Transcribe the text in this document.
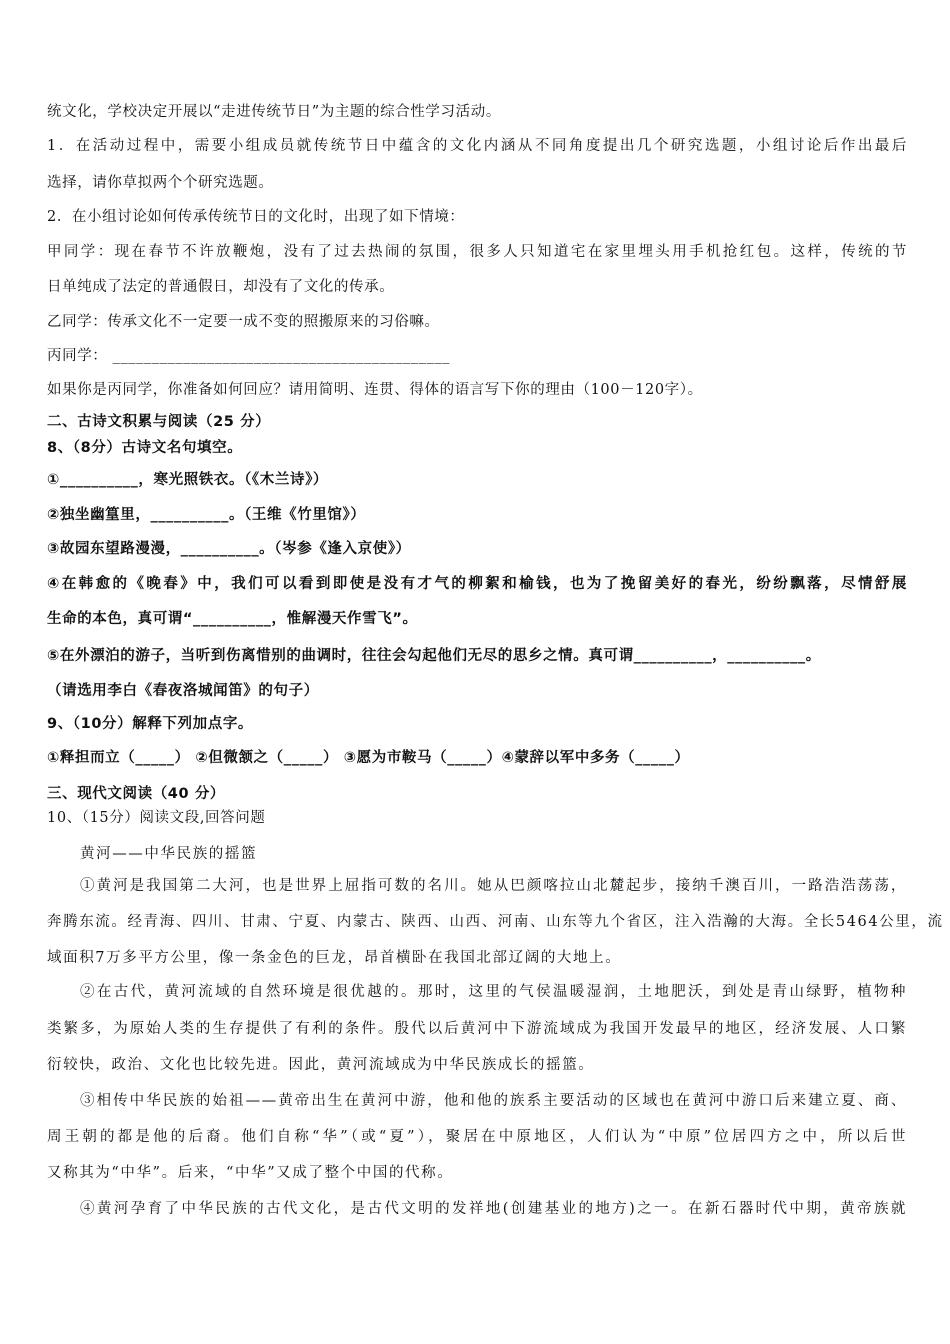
统文化，学校决定开展以“走进传统节日”为主题的综合性学习活动。
1．在活动过程中，需要小组成员就传统节日中蕴含的文化内涵从不同角度提出几个研究选题，小组讨论后作出最后
选择，请你草拟两个个研究选题。
2．在小组讨论如何传承传统节日的文化时，出现了如下情境：
甲同学：现在春节不许放鞭炮，没有了过去热闹的氛围，很多人只知道宅在家里埋头用手机抢红包。这样，传统的节
日单纯成了法定的普通假日，却没有了文化的传承。
乙同学：传承文化不一定要一成不变的照搬原来的习俗嘛。
丙同学： ___________________________________________
如果你是丙同学，你准备如何回应？请用简明、连贯、得体的语言写下你的理由（100－120字）。
二、古诗文积累与阅读（25 分）
8、（8分）古诗文名句填空。
①__________，寒光照铁衣。（《木兰诗》）
②独坐幽篁里，__________。（王维《竹里馆》）
③故园东望路漫漫，__________。（岑参《逢入京使》）
④在韩愈的《晚春》中，我们可以看到即使是没有才气的柳絮和榆钱，也为了挽留美好的春光，纷纷飘落，尽情舒展
生命的本色，真可谓“__________，惟解漫天作雪飞”。
⑤在外漂泊的游子，当听到伤离惜别的曲调时，往往会勾起他们无尽的思乡之情。真可谓__________，__________。
（请选用李白《春夜洛城闻笛》的句子）
9、（10分）解释下列加点字。
①释担而立（_____） ②但微颔之（_____） ③愿为市鞍马（_____）④蒙辞以军中多务（_____）
三、现代文阅读（40 分）
10、（15分）阅读文段,回答问题
黄河——中华民族的摇篮
①黄河是我国第二大河，也是世界上屈指可数的名川。她从巴颜喀拉山北麓起步，接纳千澳百川，一路浩浩荡荡，
奔腾东流。经青海、四川、甘肃、宁夏、内蒙古、陕西、山西、河南、山东等九个省区，注入浩瀚的大海。全长5464公里，流
域面积7万多平方公里，像一条金色的巨龙，昂首横卧在我国北部辽阔的大地上。
②在古代，黄河流域的自然环境是很优越的。那时，这里的气侯温暖湿润，土地肥沃，到处是青山绿野，植物种
类繁多，为原始人类的生存提供了有利的条件。殷代以后黄河中下游流域成为我国开发最早的地区，经济发展、人口繁
衍较快，政治、文化也比较先进。因此，黄河流域成为中华民族成长的摇篮。
③相传中华民族的始祖——黄帝出生在黄河中游，他和他的族系主要活动的区域也在黄河中游口后来建立夏、商、
周王朝的都是他的后裔。他们自称“华”（或“夏”），聚居在中原地区，人们认为“中原”位居四方之中，所以后世
又称其为“中华”。后来，“中华”又成了整个中国的代称。
④黄河孕育了中华民族的古代文化，是古代文明的发祥地(创建基业的地方)之一。在新石器时代中期，黄帝族就
